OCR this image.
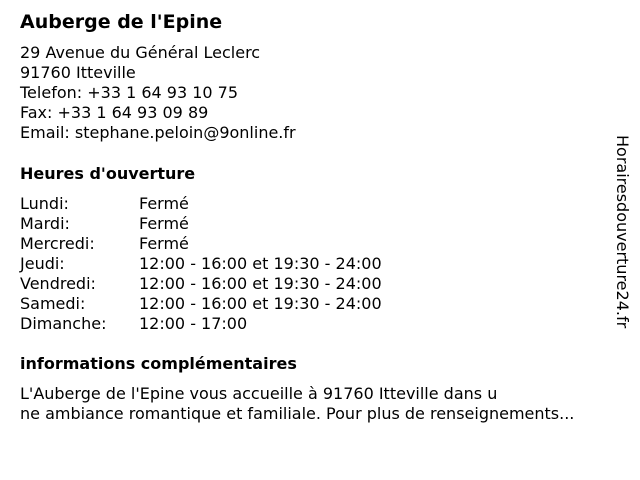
Auberge de l'Epine
29 Avenue du Général Leclerc
91760 Itteville
Telefon: +33 1 64 93 10 75
Fax: +33 1 64 93 09 89
Email: stephane.peloin@9online.fr
Heures d'ouverture
Lundi:	Fermé
Mardi:	Fermé
Mercredi:	Fermé
Jeudi:	12:00 - 16:00 et 19:30 - 24:00
Vendredi:	12:00 - 16:00 et 19:30 - 24:00
Samedi:	12:00 - 16:00 et 19:30 - 24:00
Dimanche:	12:00 - 17:00
informations complémentaires
L'Auberge de l'Epine vous accueille à 91760 Itteville dans u
ne ambiance romantique et familiale. Pour plus de renseignements...
Horairesdouverture24.fr
